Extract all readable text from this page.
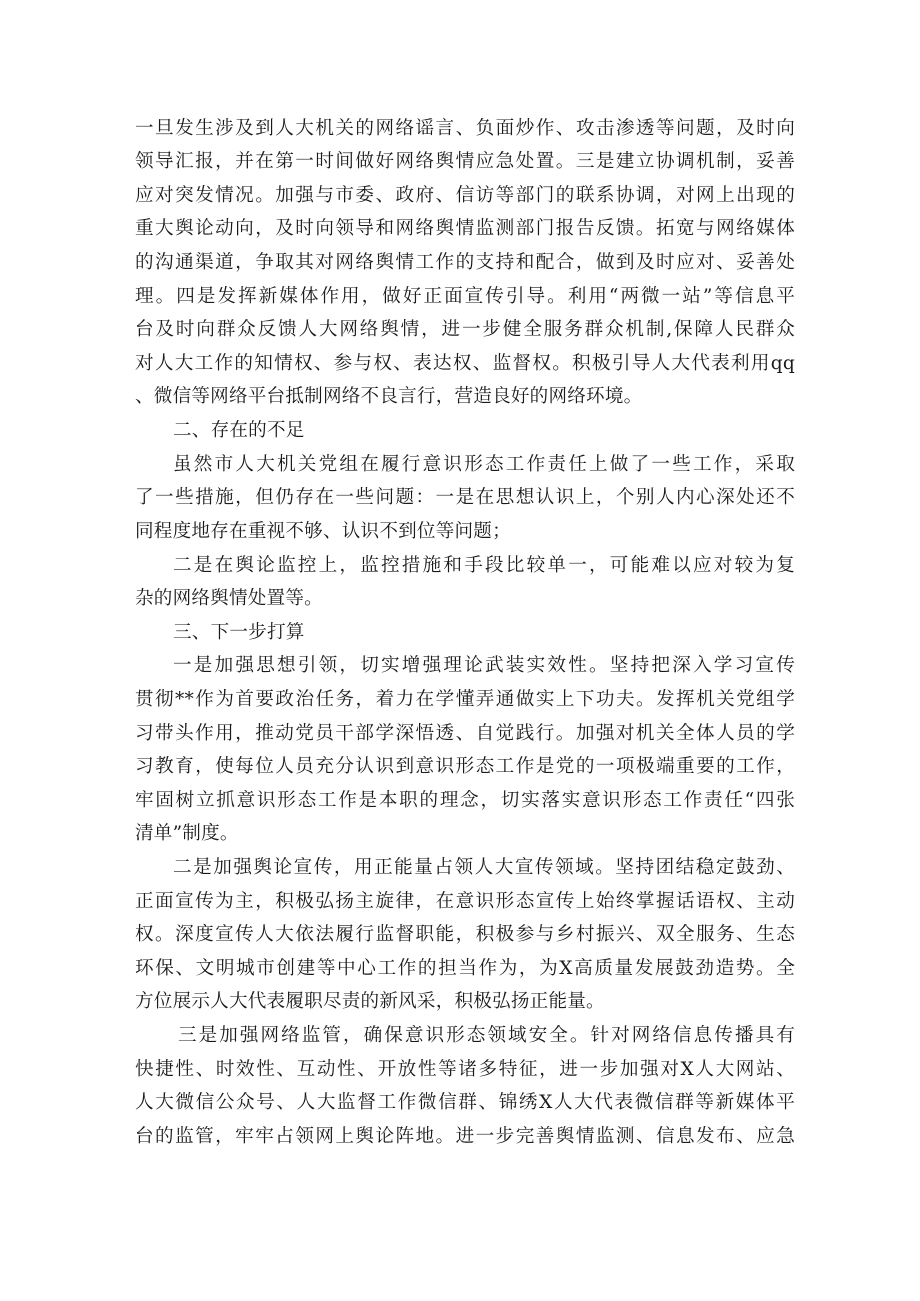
一旦发生涉及到人大机关的网络谣言、负面炒作、攻击渗透等问题，及时向
领导汇报，并在第一时间做好网络舆情应急处置。三是建立协调机制，妥善
应对突发情况。加强与市委、政府、信访等部门的联系协调，对网上出现的
重大舆论动向，及时向领导和网络舆情监测部门报告反馈。拓宽与网络媒体
的沟通渠道，争取其对网络舆情工作的支持和配合，做到及时应对、妥善处
理。四是发挥新媒体作用，做好正面宣传引导。利用“两微一站”等信息平
台及时向群众反馈人大网络舆情，进一步健全服务群众机制,保障人民群众
对人大工作的知情权、参与权、表达权、监督权。积极引导人大代表利用qq
、微信等网络平台抵制网络不良言行，营造良好的网络环境。
二、存在的不足
虽然市人大机关党组在履行意识形态工作责任上做了一些工作，采取
了一些措施，但仍存在一些问题：一是在思想认识上，个别人内心深处还不
同程度地存在重视不够、认识不到位等问题；
二是在舆论监控上，监控措施和手段比较单一，可能难以应对较为复
杂的网络舆情处置等。
三、下一步打算
一是加强思想引领，切实增强理论武装实效性。坚持把深入学习宣传
贯彻**作为首要政治任务，着力在学懂弄通做实上下功夫。发挥机关党组学
习带头作用，推动党员干部学深悟透、自觉践行。加强对机关全体人员的学
习教育，使每位人员充分认识到意识形态工作是党的一项极端重要的工作，
牢固树立抓意识形态工作是本职的理念，切实落实意识形态工作责任“四张
清单”制度。
二是加强舆论宣传，用正能量占领人大宣传领域。坚持团结稳定鼓劲、
正面宣传为主，积极弘扬主旋律，在意识形态宣传上始终掌握话语权、主动
权。深度宣传人大依法履行监督职能，积极参与乡村振兴、双全服务、生态
环保、文明城市创建等中心工作的担当作为，为X高质量发展鼓劲造势。全
方位展示人大代表履职尽责的新风采，积极弘扬正能量。
三是加强网络监管，确保意识形态领域安全。针对网络信息传播具有
快捷性、时效性、互动性、开放性等诸多特征，进一步加强对X人大网站、
人大微信公众号、人大监督工作微信群、锦绣X人大代表微信群等新媒体平
台的监管，牢牢占领网上舆论阵地。进一步完善舆情监测、信息发布、应急
